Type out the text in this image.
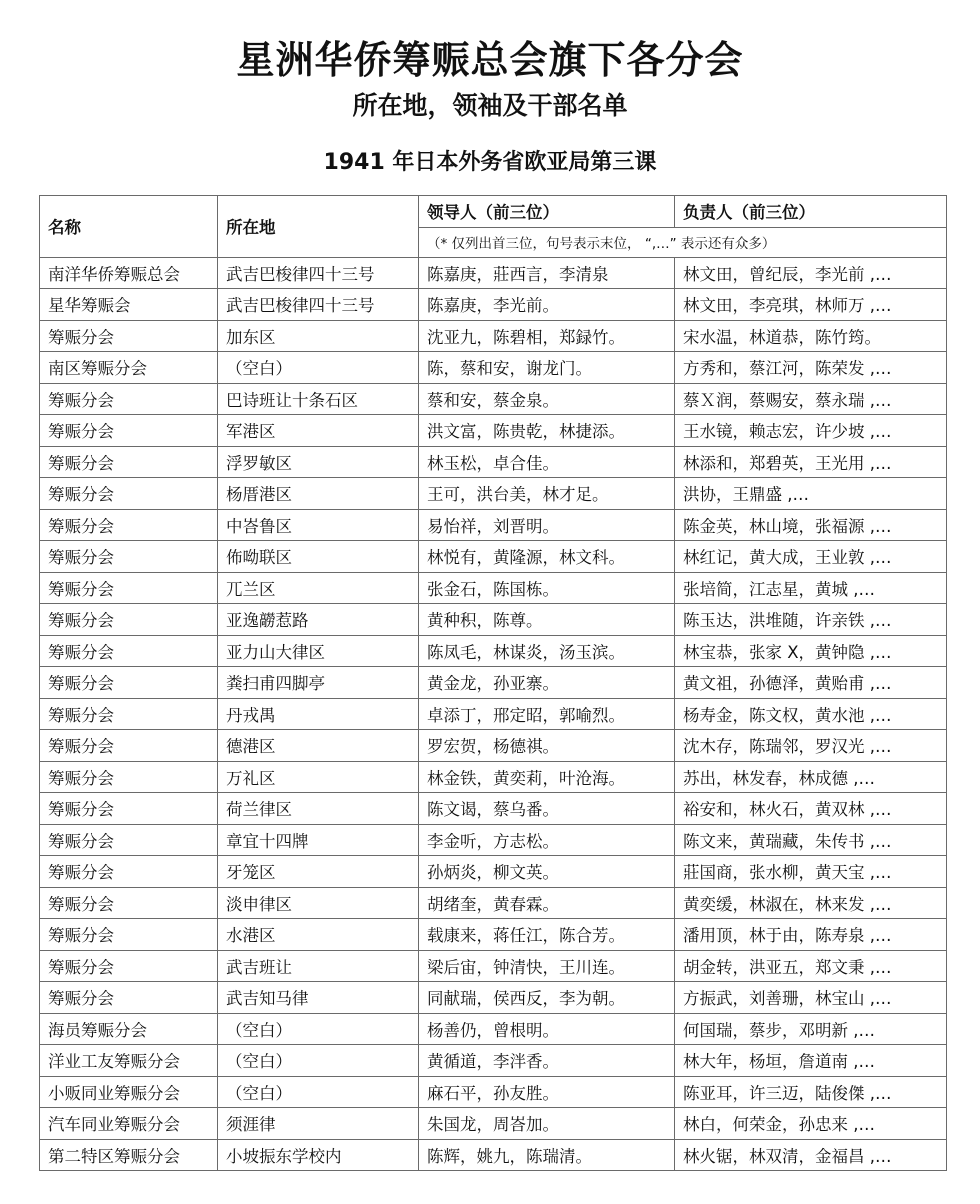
星洲华侨筹赈总会旗下各分会
所在地，领袖及干部名单
1941 年日本外务省欧亚局第三课
名称	所在地	领导人（前三位）	负责人（前三位）
		（* 仅列出首三位，句号表示末位， “,…” 表示还有众多）	
南洋华侨筹赈总会	武吉巴梭律四十三号	陈嘉庚，莊西言，李清泉	林文田，曾纪辰，李光前 ,…
星华筹赈会	武吉巴梭律四十三号	陈嘉庚，李光前。	林文田，李亮琪，林师万 ,…
筹赈分会	加东区	沈亚九，陈碧相，郑録竹。	宋水温，林道恭，陈竹筠。
南区筹赈分会	（空白）	陈，蔡和安，谢龙门。	方秀和，蔡江河，陈荣发 ,…
筹赈分会	巴诗班让十条石区	蔡和安，蔡金泉。	蔡Ｘ润，蔡赐安，蔡永瑞 ,…
筹赈分会	军港区	洪文富，陈贵乾，林捷添。	王水镜，赖志宏，许少坡 ,…
筹赈分会	浮罗敏区	林玉松，卓合佳。	林添和，郑碧英，王光用 ,…
筹赈分会	杨厝港区	王可，洪台美，林才足。	洪协，王鼎盛 ,…
筹赈分会	中峇鲁区	易怡祥，刘晋明。	陈金英，林山境，张福源 ,…
筹赈分会	佈呦联区	林悦有，黄隆源，林文科。	林红记，黄大成，王业敦 ,…
筹赈分会	兀兰区	张金石，陈国栋。	张培简，江志星，黄城 ,…
筹赈分会	亚逸髝惹路	黄种积，陈尊。	陈玉达，洪堆随，许亲铁 ,…
筹赈分会	亚力山大律区	陈凤毛，林谋炎，汤玉滨。	林宝恭，张家 X，黄钟隐 ,…
筹赈分会	粪扫甫四脚亭	黄金龙，孙亚寨。	黄文祖，孙德泽，黄贻甫 ,…
筹赈分会	丹戎禺	卓添丁，邢定昭，郭喻烈。	杨寿金，陈文权，黄水池 ,…
筹赈分会	德港区	罗宏贺，杨德祺。	沈木存，陈瑞邻，罗汉光 ,…
筹赈分会	万礼区	林金铁，黄奕莉，叶沧海。	苏出，林发春，林成德 ,…
筹赈分会	荷兰律区	陈文谒，蔡乌番。	裕安和，林火石，黄双林 ,…
筹赈分会	章宜十四牌	李金听，方志松。	陈文来，黄瑞藏，朱传书 ,…
筹赈分会	牙笼区	孙炳炎，柳文英。	莊国商，张水柳，黄天宝 ,…
筹赈分会	淡申律区	胡绪奎，黄春霖。	黄奕缓，林淑在，林来发 ,…
筹赈分会	水港区	载康来，蒋任江，陈合芳。	潘用顶，林于由，陈寿泉 ,…
筹赈分会	武吉班让	梁后宙，钟清快，王川连。	胡金转，洪亚五，郑文秉 ,…
筹赈分会	武吉知马律	同献瑞，侯西反，李为朝。	方振武，刘善珊，林宝山 ,…
海员筹赈分会	（空白）	杨善仍，曾根明。	何国瑞，蔡步，邓明新 ,…
洋业工友筹赈分会	（空白）	黄循道，李泮香。	林大年，杨垣，詹道南 ,…
小贩同业筹赈分会	（空白）	麻石平，孙友胜。	陈亚耳，许三迈，陆俊傑 ,…
汽车同业筹赈分会	须涯律	朱国龙，周峇加。	林白，何荣金，孙忠来 ,…
第二特区筹赈分会	小坡振东学校内	陈辉，姚九，陈瑞清。	林火锯，林双清，金福昌 ,…
